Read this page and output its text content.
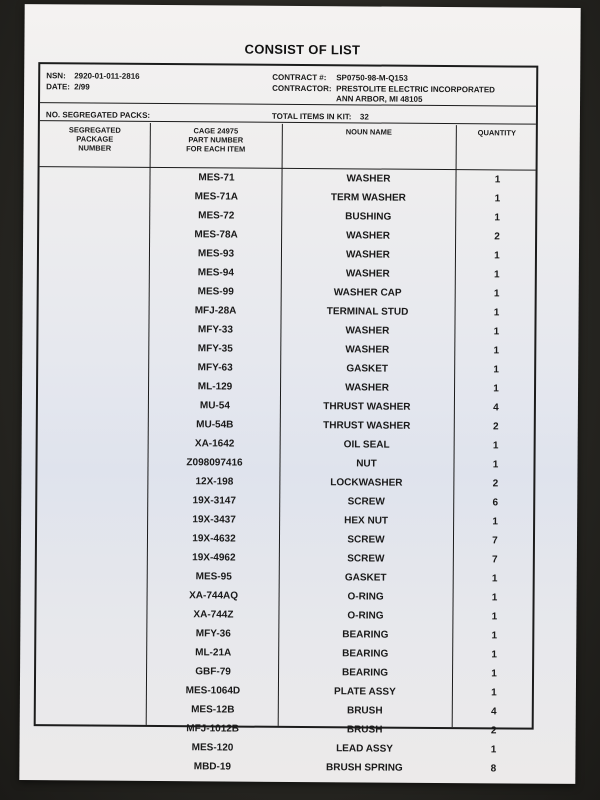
CONSIST OF LIST
NSN: 2920-01-011-2816
DATE: 2/99
CONTRACT #: SP0750-98-M-Q153
CONTRACTOR: PRESTOLITE ELECTRIC INCORPORATED
ANN ARBOR, MI 48105
NO. SEGREGATED PACKS:	TOTAL ITEMS IN KIT: 32
SEGREGATED
PACKAGE
NUMBER
CAGE 24975
PART NUMBER
FOR EACH ITEM
NOUN NAME	QUANTITY
MES-71	WASHER	1
MES-71A	TERM WASHER	1
MES-72	BUSHING	1
MES-78A	WASHER	2
MES-93	WASHER	1
MES-94	WASHER	1
MES-99	WASHER CAP	1
MFJ-28A	TERMINAL STUD	1
MFY-33	WASHER	1
MFY-35	WASHER	1
MFY-63	GASKET	1
ML-129	WASHER	1
MU-54	THRUST WASHER	4
MU-54B	THRUST WASHER	2
XA-1642	OIL SEAL	1
Z098097416	NUT	1
12X-198	LOCKWASHER	2
19X-3147	SCREW	6
19X-3437	HEX NUT	1
19X-4632	SCREW	7
19X-4962	SCREW	7
MES-95	GASKET	1
XA-744AQ	O-RING	1
XA-744Z	O-RING	1
MFY-36	BEARING	1
ML-21A	BEARING	1
GBF-79	BEARING	1
MES-1064D	PLATE ASSY	1
MES-12B	BRUSH	4
MFJ-1012B	BRUSH	2
MES-120	LEAD ASSY	1
MBD-19	BRUSH SPRING	8
